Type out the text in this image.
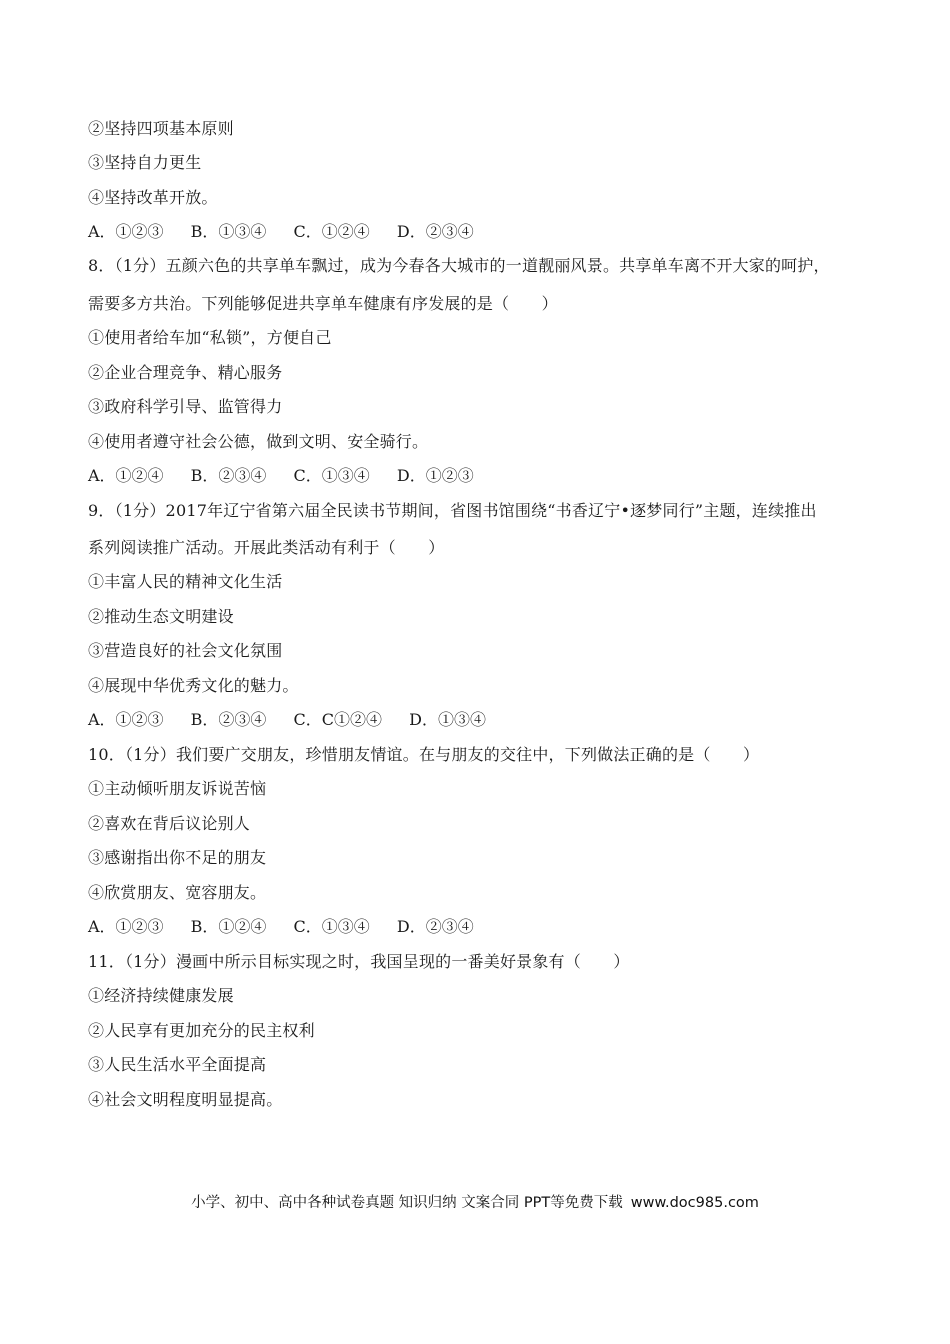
②坚持四项基本原则
③坚持自力更生
④坚持改革开放。
A．①②③ B．①③④ C．①②④ D．②③④
8．（1分）五颜六色的共享单车飘过，成为今春各大城市的一道靓丽风景。共享单车离不开大家的呵护，
需要多方共治。下列能够促进共享单车健康有序发展的是（　　）
①使用者给车加“私锁”，方便自己
②企业合理竞争、精心服务
③政府科学引导、监管得力
④使用者遵守社会公德，做到文明、安全骑行。
A．①②④ B．②③④ C．①③④ D．①②③
9．（1分）2017年辽宁省第六届全民读书节期间，省图书馆围绕“书香辽宁•逐梦同行”主题，连续推出
系列阅读推广活动。开展此类活动有利于（　　）
①丰富人民的精神文化生活
②推动生态文明建设
③营造良好的社会文化氛围
④展现中华优秀文化的魅力。
A．①②③ B．②③④ C．C①②④ D．①③④
10．（1分）我们要广交朋友，珍惜朋友情谊。在与朋友的交往中，下列做法正确的是（　　）
①主动倾听朋友诉说苦恼
②喜欢在背后议论别人
③感谢指出你不足的朋友
④欣赏朋友、宽容朋友。
A．①②③ B．①②④ C．①③④ D．②③④
11．（1分）漫画中所示目标实现之时，我国呈现的一番美好景象有（　　）
①经济持续健康发展
②人民享有更加充分的民主权利
③人民生活水平全面提高
④社会文明程度明显提高。
小学、初中、高中各种试卷真题 知识归纳 文案合同 PPT等免费下载 www.doc985.com
